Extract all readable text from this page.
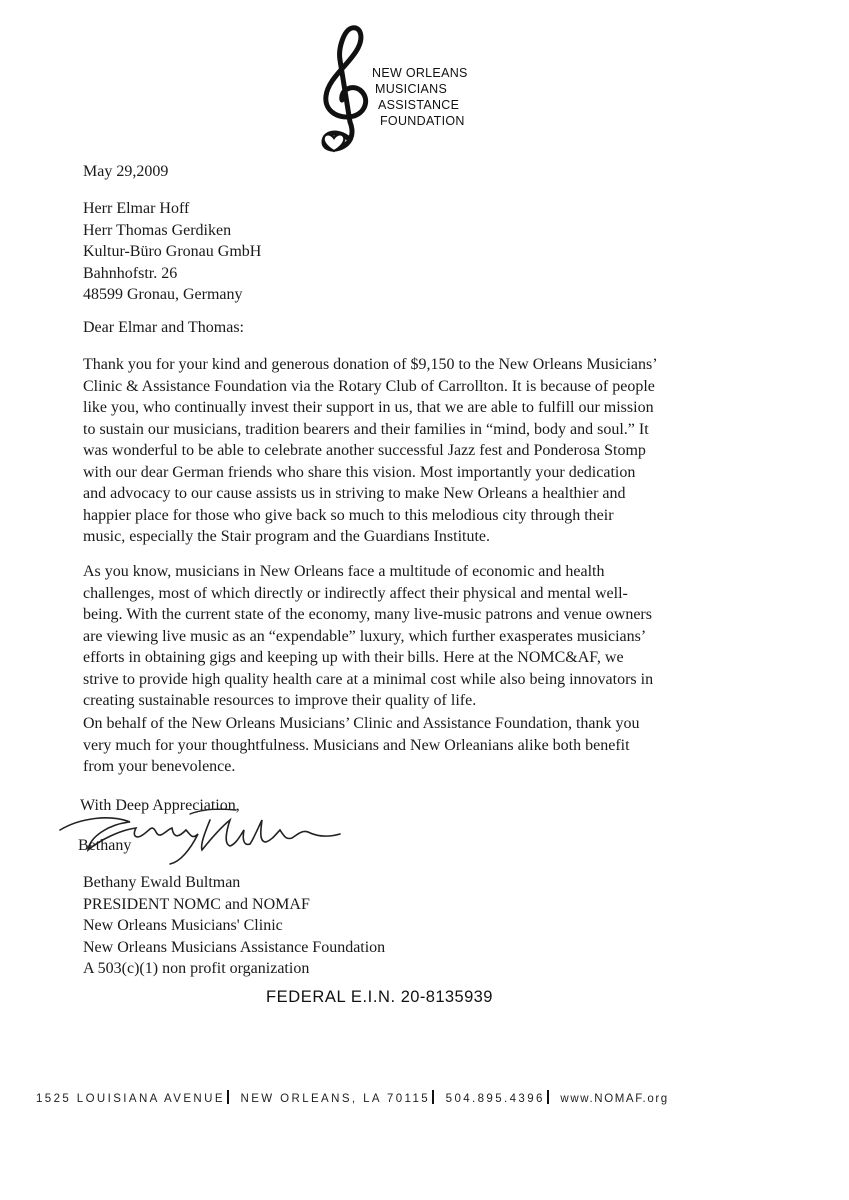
NEW ORLEANS
MUSICIANS
ASSISTANCE
FOUNDATION
May 29,2009
Herr Elmar Hoff
Herr Thomas Gerdiken
Kultur-Büro Gronau GmbH
Bahnhofstr. 26
48599 Gronau, Germany
Dear Elmar and Thomas:

Thank you for your kind and generous donation of $9,150 to the New Orleans Musicians’
Clinic & Assistance Foundation via the Rotary Club of Carrollton. It is because of people
like you, who continually invest their support in us, that we are able to fulfill our mission
to sustain our musicians, tradition bearers and their families in “mind, body and soul.” It
was wonderful to be able to celebrate another successful Jazz fest and Ponderosa Stomp
with our dear German friends who share this vision. Most importantly your dedication
and advocacy to our cause assists us in striving to make New Orleans a healthier and
happier place for those who give back so much to this melodious city through their
music, especially the Stair program and the Guardians Institute.

As you know, musicians in New Orleans face a multitude of economic and health
challenges, most of which directly or indirectly affect their physical and mental well-
being. With the current state of the economy, many live-music patrons and venue owners
are viewing live music as an “expendable” luxury, which further exasperates musicians’
efforts in obtaining gigs and keeping up with their bills. Here at the NOMC&AF, we
strive to provide high quality health care at a minimal cost while also being innovators in
creating sustainable resources to improve their quality of life.

On behalf of the New Orleans Musicians’ Clinic and Assistance Foundation, thank you
very much for your thoughtfulness. Musicians and New Orleanians alike both benefit
from your benevolence.

With Deep Appreciation,
Bethany
Bethany Ewald Bultman
PRESIDENT NOMC and NOMAF
New Orleans Musicians' Clinic
New Orleans Musicians Assistance Foundation
A 503(c)(1) non profit organization
FEDERAL E.I.N. 20-8135939
1525 LOUISIANA AVENUE NEW ORLEANS, LA 70115 504.895.4396 www.NOMAF.org
